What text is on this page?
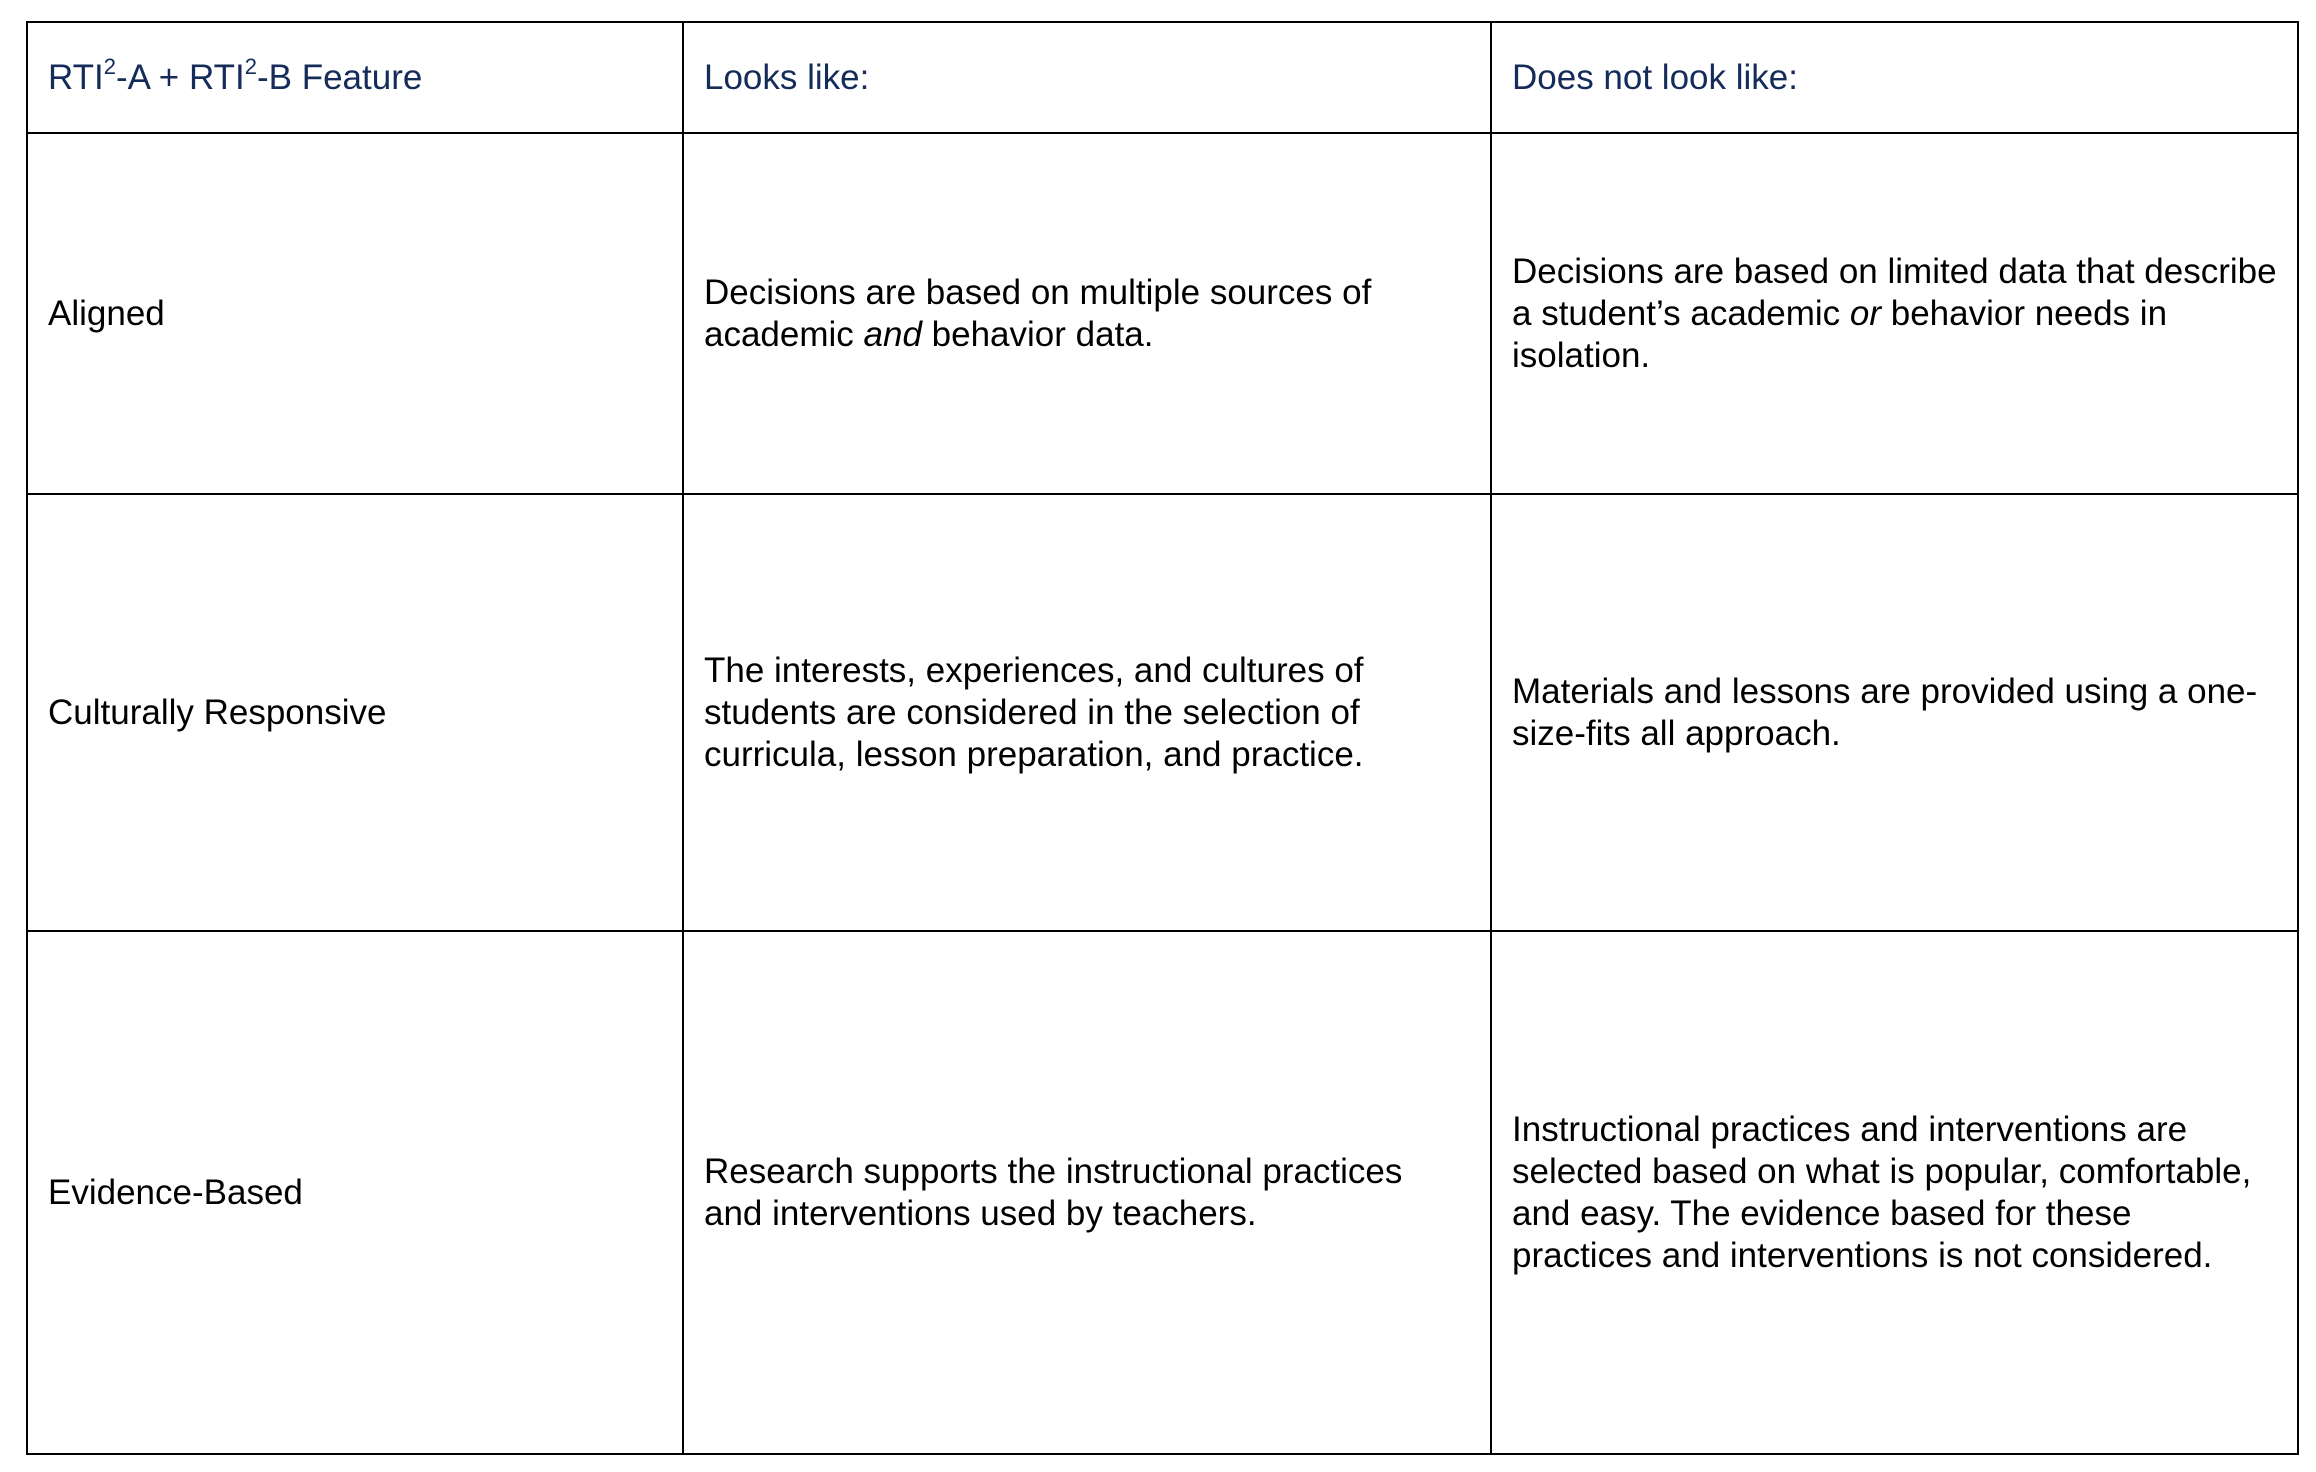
$RTI^2-A + RTI^2-B$ Feature	Looks like:	Does not look like:
Aligned	Decisions are based on multiple sources of academic and behavior data.	Decisions are based on limited data that describe a student’s academic or behavior needs in isolation.
Culturally Responsive	The interests, experiences, and cultures of students are considered in the selection of curricula, lesson preparation, and practice.	Materials and lessons are provided using a one-size-fits all approach.
Evidence-Based	Research supports the instructional practices and interventions used by teachers.	Instructional practices and interventions are selected based on what is popular, comfortable, and easy. The evidence based for these practices and interventions is not considered.
